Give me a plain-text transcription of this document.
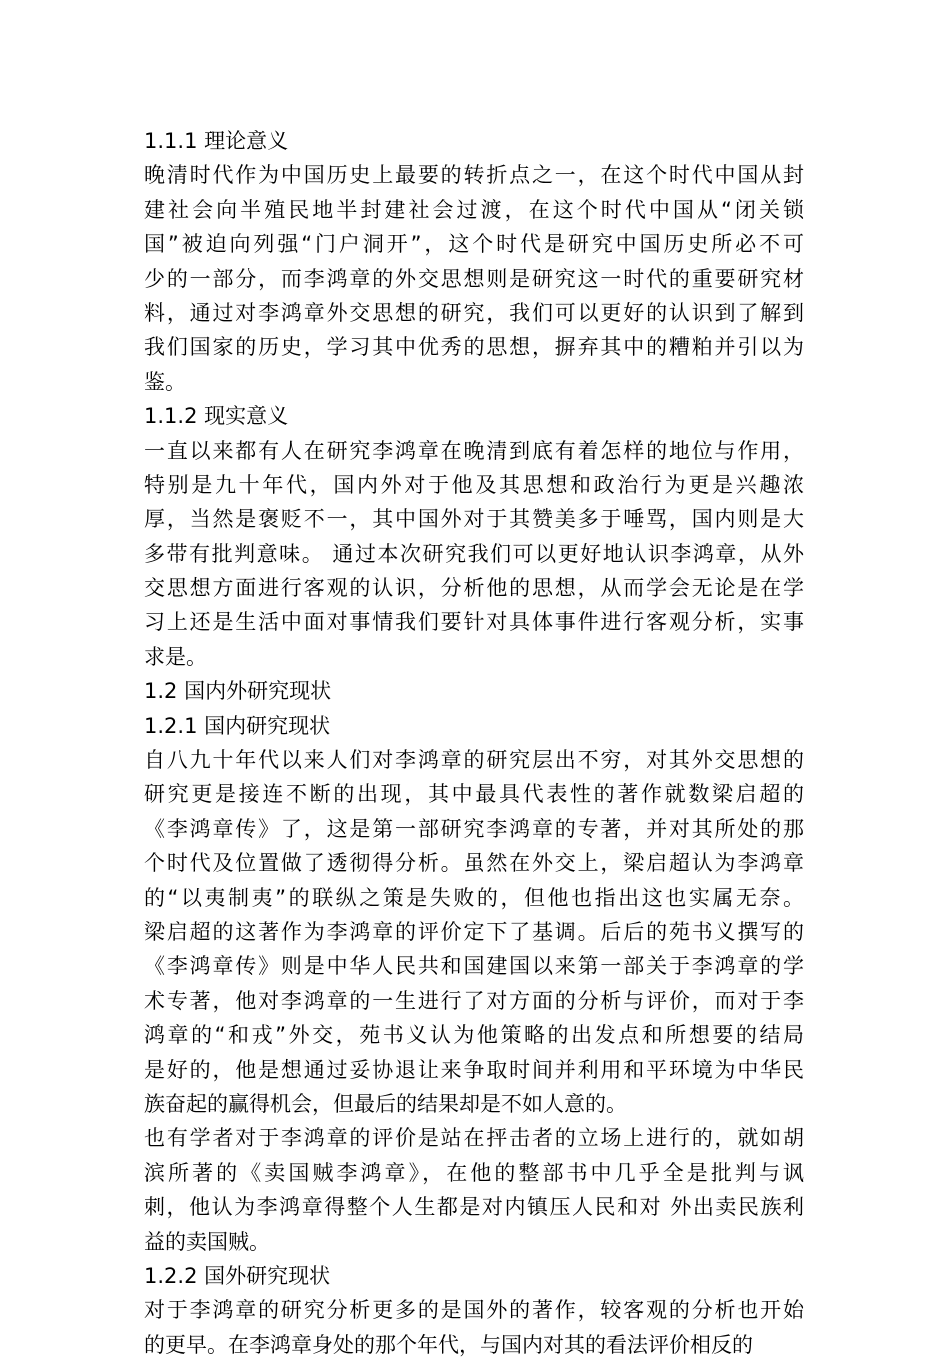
1.1.1 理论意义
晚清时代作为中国历史上最要的转折点之一，在这个时代中国从封
建社会向半殖民地半封建社会过渡，在这个时代中国从“闭关锁
国”被迫向列强“门户洞开”，这个时代是研究中国历史所必不可
少的一部分，而李鸿章的外交思想则是研究这一时代的重要研究材
料，通过对李鸿章外交思想的研究，我们可以更好的认识到了解到
我们国家的历史，学习其中优秀的思想，摒弃其中的糟粕并引以为
鉴。
1.1.2 现实意义
一直以来都有人在研究李鸿章在晚清到底有着怎样的地位与作用，
特别是九十年代，国内外对于他及其思想和政治行为更是兴趣浓
厚，当然是褒贬不一，其中国外对于其赞美多于唾骂，国内则是大
多带有批判意味。 通过本次研究我们可以更好地认识李鸿章，从外
交思想方面进行客观的认识，分析他的思想，从而学会无论是在学
习上还是生活中面对事情我们要针对具体事件进行客观分析，实事
求是。
1.2 国内外研究现状
1.2.1 国内研究现状
自八九十年代以来人们对李鸿章的研究层出不穷，对其外交思想的
研究更是接连不断的出现，其中最具代表性的著作就数梁启超的
《李鸿章传》了，这是第一部研究李鸿章的专著，并对其所处的那
个时代及位置做了透彻得分析。虽然在外交上，梁启超认为李鸿章
的“以夷制夷”的联纵之策是失败的，但他也指出这也实属无奈。
梁启超的这著作为李鸿章的评价定下了基调。后后的苑书义撰写的
《李鸿章传》则是中华人民共和国建国以来第一部关于李鸿章的学
术专著，他对李鸿章的一生进行了对方面的分析与评价，而对于李
鸿章的“和戎”外交，苑书义认为他策略的出发点和所想要的结局
是好的，他是想通过妥协退让来争取时间并利用和平环境为中华民
族奋起的赢得机会，但最后的结果却是不如人意的。
也有学者对于李鸿章的评价是站在抨击者的立场上进行的，就如胡
滨所著的《卖国贼李鸿章》，在他的整部书中几乎全是批判与讽
刺，他认为李鸿章得整个人生都是对内镇压人民和对 外出卖民族利
益的卖国贼。
1.2.2 国外研究现状
对于李鸿章的研究分析更多的是国外的著作，较客观的分析也开始
的更早。在李鸿章身处的那个年代，与国内对其的看法评价相反的
